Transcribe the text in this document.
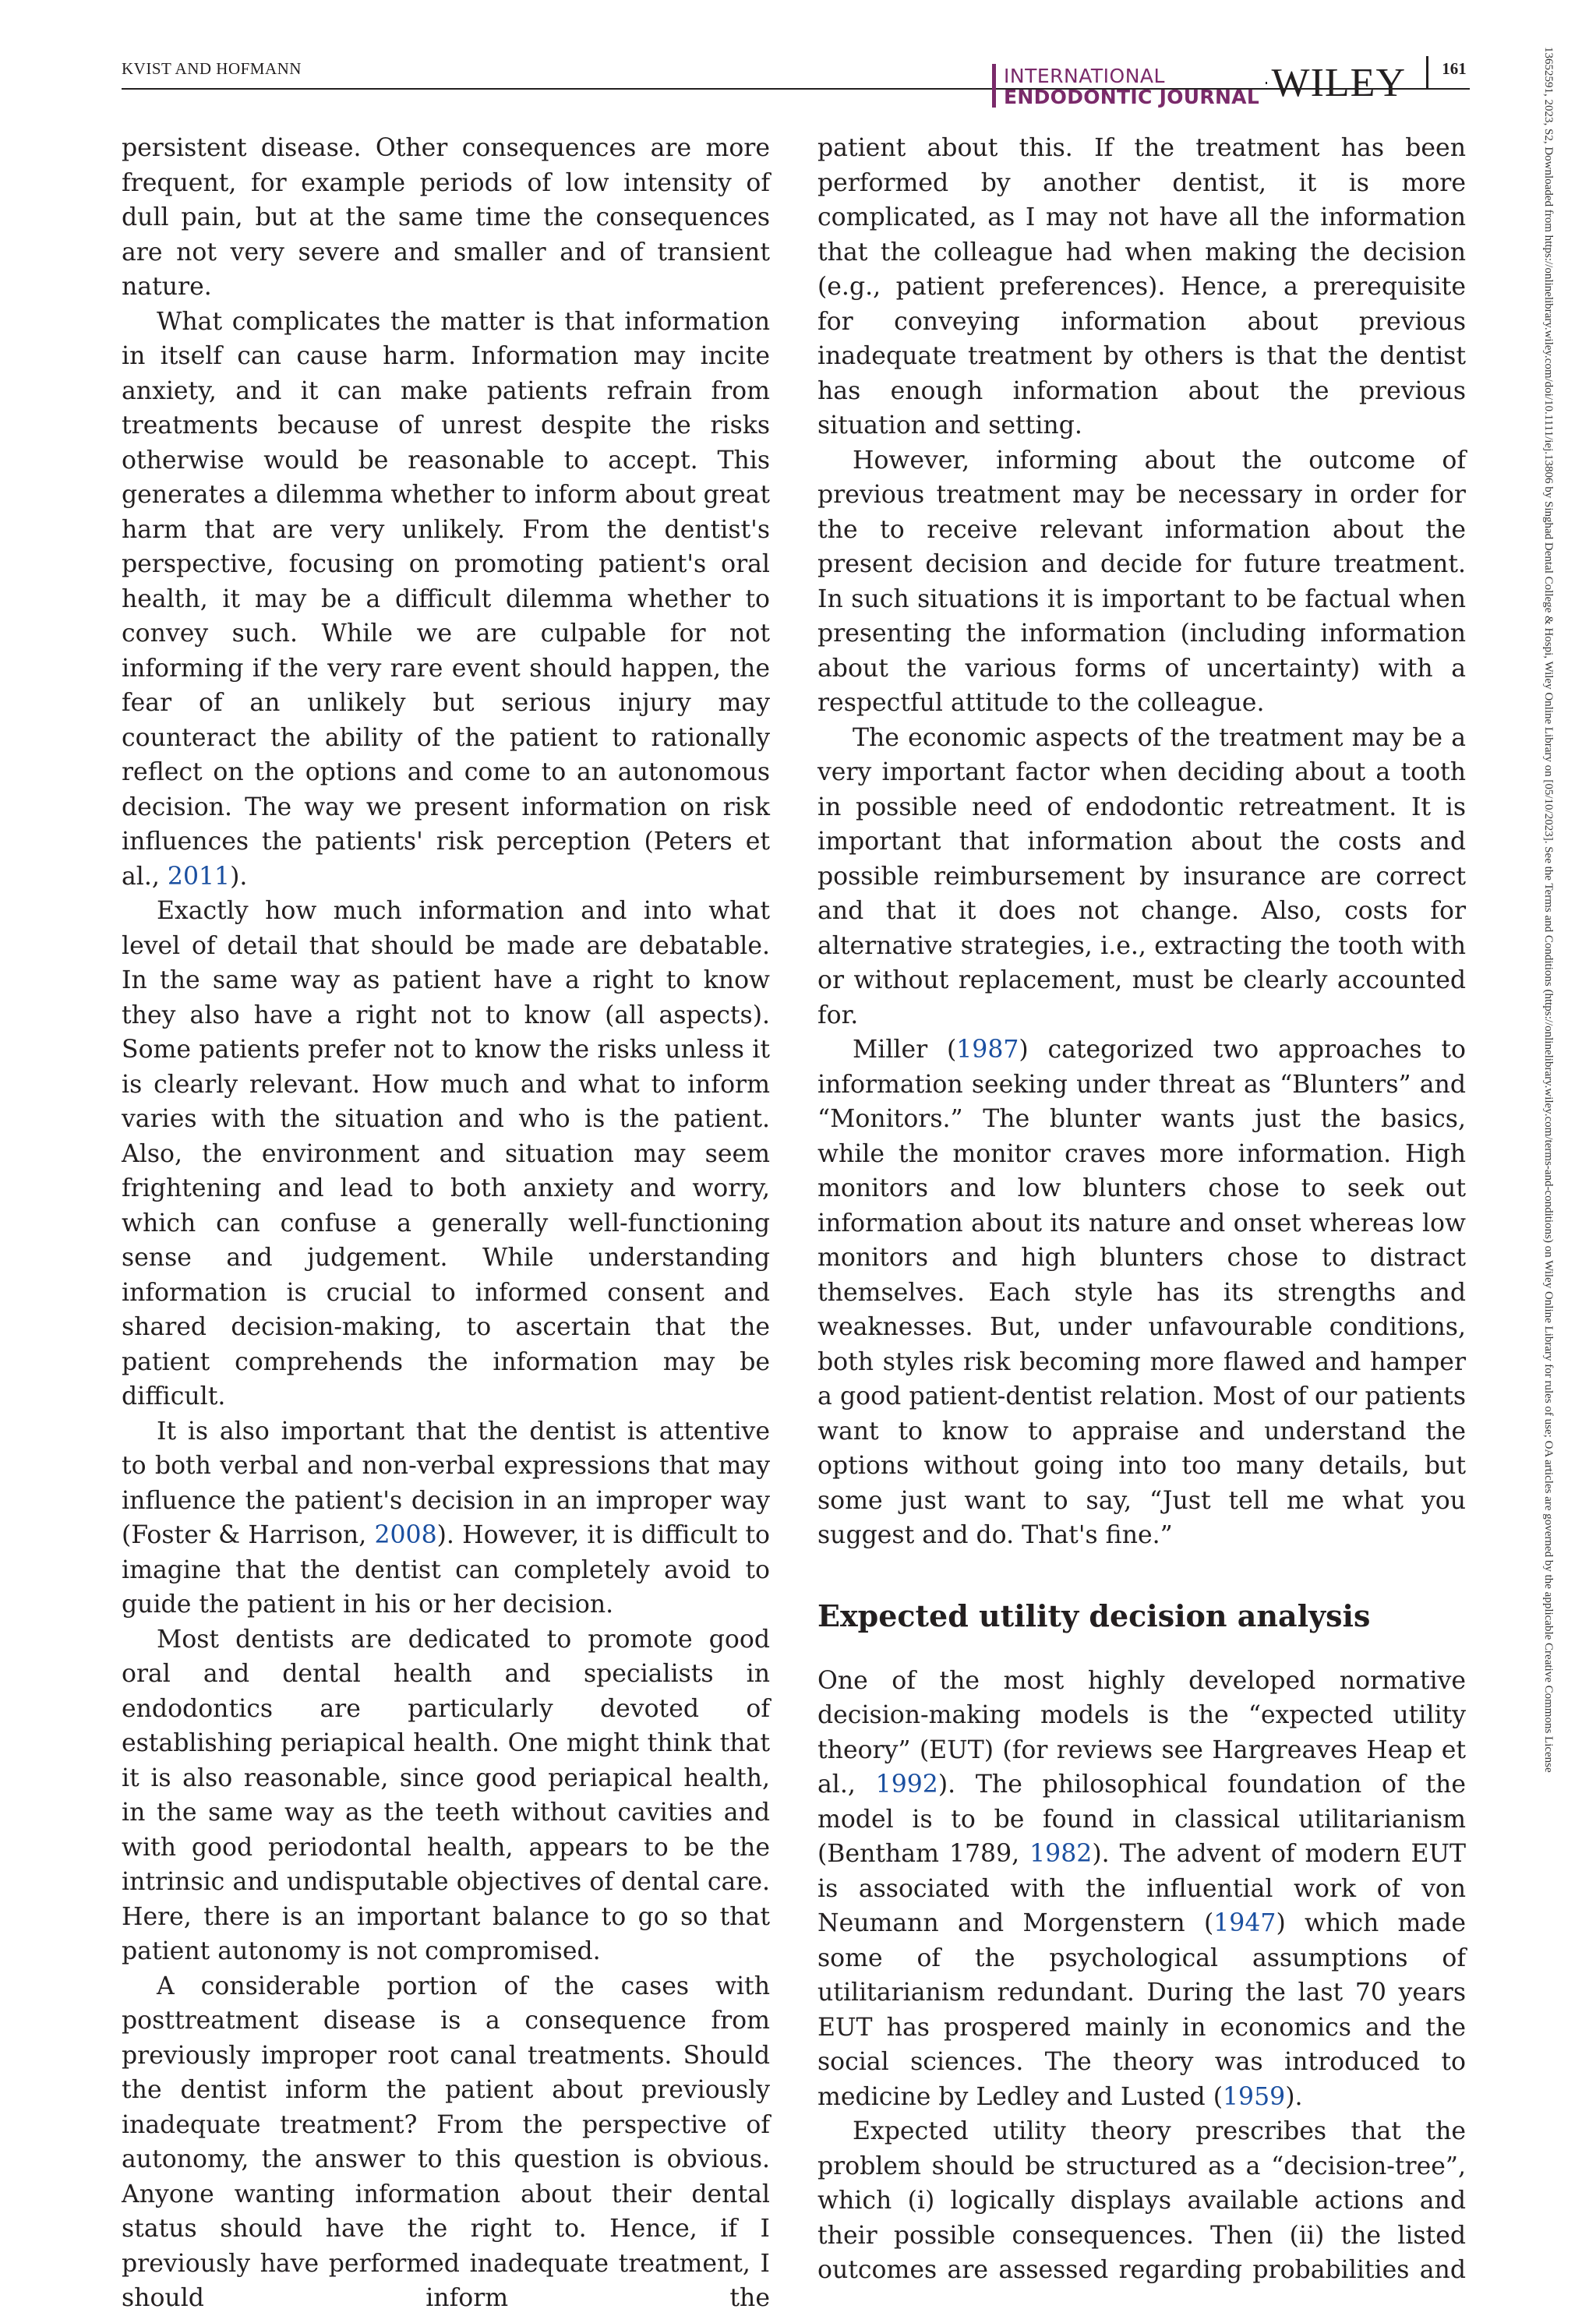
KVIST AND HOFMANN	INTERNATIONAL
ENDODONTIC JOURNAL WILEY 161	13652591, 2023, S2, Downloaded from https://onlinelibrary.wiley.com/doi/10.1111/iej.13806 by Singhad Dental College & Hospi, Wiley Online Library on [05/10/2023]. See the Terms and Conditions (https://onlinelibrary.wiley.com/terms-and-conditions) on Wiley Online Library for rules of use; OA articles are governed by the applicable Creative Commons License

persistent disease. Other consequences are more frequent, for example periods of low intensity of dull pain, but at the same time the consequences are not very severe and smaller and of transient nature.

What complicates the matter is that information in itself can cause harm. Information may incite anxiety, and it can make patients refrain from treatments because of unrest despite the risks otherwise would be reasonable to accept. This generates a dilemma whether to inform about great harm that are very unlikely. From the dentist's perspective, focusing on promoting patient's oral health, it may be a difficult dilemma whether to convey such. While we are culpable for not informing if the very rare event should happen, the fear of an unlikely but serious injury may counteract the ability of the patient to rationally reflect on the options and come to an autonomous decision. The way we present information on risk influences the patients' risk perception (Peters et al., 2011).

Exactly how much information and into what level of detail that should be made are debatable. In the same way as patient have a right to know they also have a right not to know (all aspects). Some patients prefer not to know the risks unless it is clearly relevant. How much and what to inform varies with the situation and who is the patient. Also, the environment and situation may seem frightening and lead to both anxiety and worry, which can confuse a generally well-functioning sense and judgement. While understanding information is crucial to informed consent and shared decision-making, to ascertain that the patient comprehends the information may be difficult.

It is also important that the dentist is attentive to both verbal and non-verbal expressions that may influence the patient's decision in an improper way (Foster & Harrison, 2008). However, it is difficult to imagine that the dentist can completely avoid to guide the patient in his or her decision.

Most dentists are dedicated to promote good oral and dental health and specialists in endodontics are particularly devoted of establishing periapical health. One might think that it is also reasonable, since good periapical health, in the same way as the teeth without cavities and with good periodontal health, appears to be the intrinsic and undisputable objectives of dental care. Here, there is an important balance to go so that patient autonomy is not compromised.

A considerable portion of the cases with posttreatment disease is a consequence from previously improper root canal treatments. Should the dentist inform the patient about previously inadequate treatment? From the perspective of autonomy, the answer to this question is obvious. Anyone wanting information about their dental status should have the right to. Hence, if I previously have performed inadequate treatment, I should inform the

patient about this. If the treatment has been performed by another dentist, it is more complicated, as I may not have all the information that the colleague had when making the decision (e.g., patient preferences). Hence, a prerequisite for conveying information about previous inadequate treatment by others is that the dentist has enough information about the previous situation and setting.

However, informing about the outcome of previous treatment may be necessary in order for the to receive relevant information about the present decision and decide for future treatment. In such situations it is important to be factual when presenting the information (including information about the various forms of uncertainty) with a respectful attitude to the colleague.

The economic aspects of the treatment may be a very important factor when deciding about a tooth in possible need of endodontic retreatment. It is important that information about the costs and possible reimbursement by insurance are correct and that it does not change. Also, costs for alternative strategies, i.e., extracting the tooth with or without replacement, must be clearly accounted for.

Miller (1987) categorized two approaches to information seeking under threat as “Blunters” and “Monitors.” The blunter wants just the basics, while the monitor craves more information. High monitors and low blunters chose to seek out information about its nature and onset whereas low monitors and high blunters chose to distract themselves. Each style has its strengths and weaknesses. But, under unfavourable conditions, both styles risk becoming more flawed and hamper a good patient-dentist relation. Most of our patients want to know to appraise and understand the options without going into too many details, but some just want to say, “Just tell me what you suggest and do. That's fine.”

Expected utility decision analysis

One of the most highly developed normative decision-making models is the “expected utility theory” (EUT) (for reviews see Hargreaves Heap et al., 1992). The philosophical foundation of the model is to be found in classical utilitarianism (Bentham 1789, 1982). The advent of modern EUT is associated with the influential work of von Neumann and Morgenstern (1947) which made some of the psychological assumptions of utilitarianism redundant. During the last 70 years EUT has prospered mainly in economics and the social sciences. The theory was introduced to medicine by Ledley and Lusted (1959).

Expected utility theory prescribes that the problem should be structured as a “decision-tree”, which (i) logically displays available actions and their possible consequences. Then (ii) the listed outcomes are assessed regarding probabilities and
